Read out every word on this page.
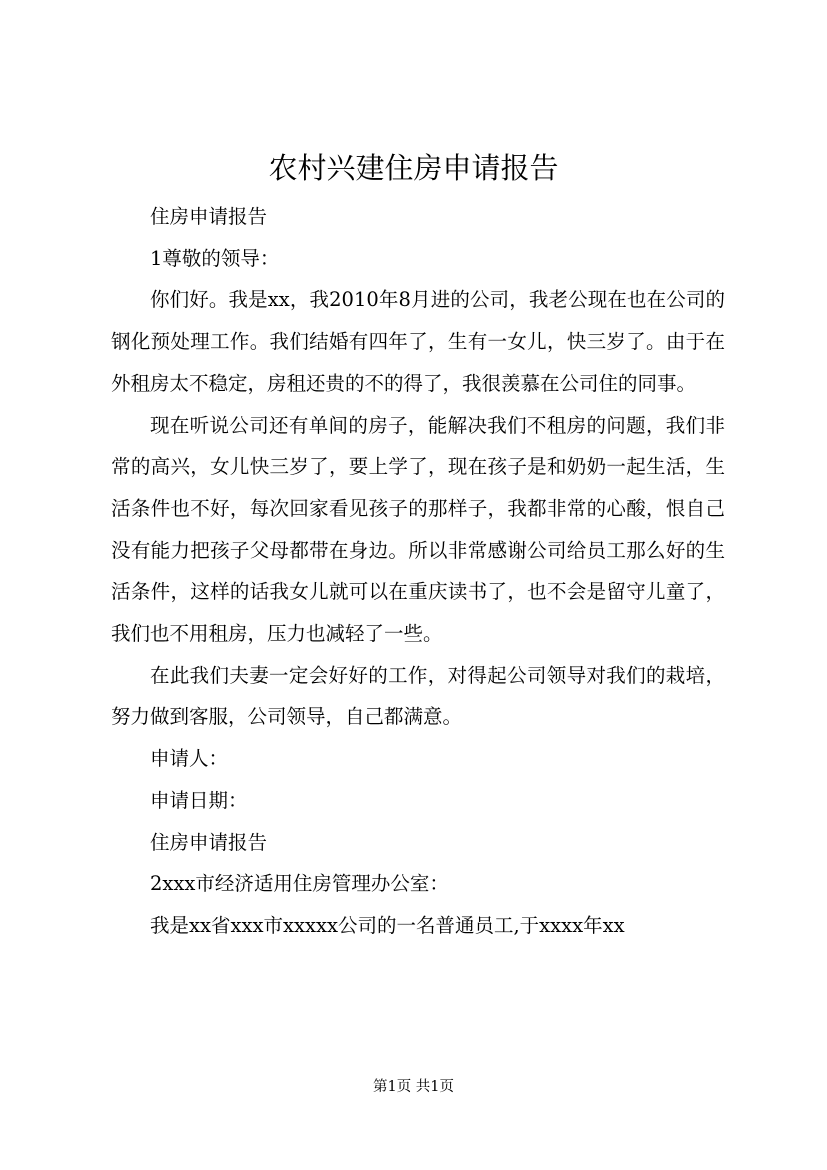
农村兴建住房申请报告

住房申请报告

1尊敬的领导：

你们好。我是xx，我2010年8月进的公司，我老公现在也在公司的钢化预处理工作。我们结婚有四年了，生有一女儿，快三岁了。由于在外租房太不稳定，房租还贵的不的得了，我很羡慕在公司住的同事。

现在听说公司还有单间的房子，能解决我们不租房的问题，我们非常的高兴，女儿快三岁了，要上学了，现在孩子是和奶奶一起生活，生活条件也不好，每次回家看见孩子的那样子，我都非常的心酸，恨自己没有能力把孩子父母都带在身边。所以非常感谢公司给员工那么好的生活条件，这样的话我女儿就可以在重庆读书了，也不会是留守儿童了，我们也不用租房，压力也减轻了一些。

在此我们夫妻一定会好好的工作，对得起公司领导对我们的栽培，努力做到客服，公司领导，自己都满意。

申请人：

申请日期：

住房申请报告

2xxx市经济适用住房管理办公室：

我是xx省xxx市xxxxx公司的一名普通员工,于xxxx年xx

第1页 共1页
